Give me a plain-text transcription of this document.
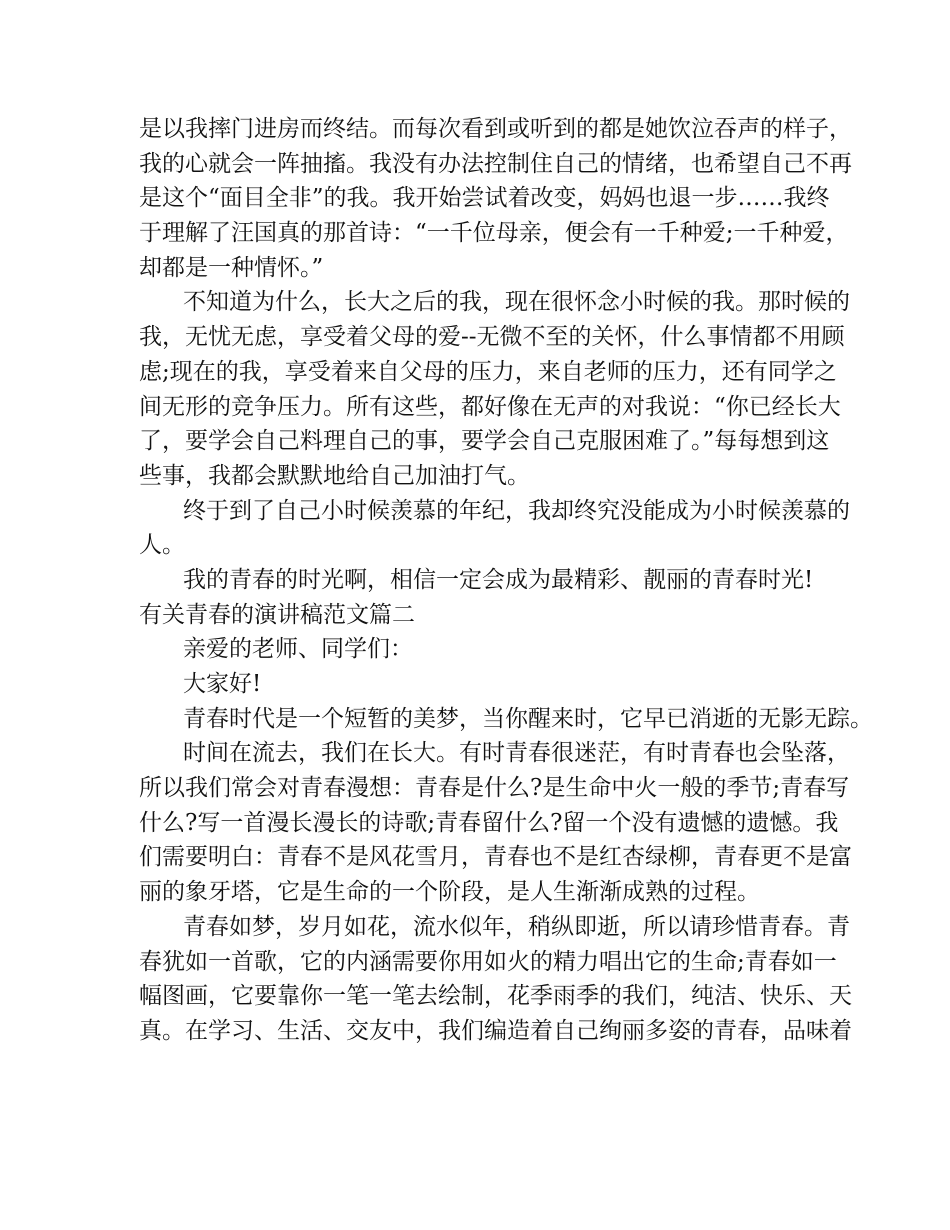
是以我摔门进房而终结。而每次看到或听到的都是她饮泣吞声的样子，
我的心就会一阵抽搐。我没有办法控制住自己的情绪，也希望自己不再
是这个“面目全非”的我。我开始尝试着改变，妈妈也退一步……我终
于理解了汪国真的那首诗：“一千位母亲，便会有一千种爱;一千种爱，
却都是一种情怀。”
不知道为什么，长大之后的我，现在很怀念小时候的我。那时候的
我，无忧无虑，享受着父母的爱--无微不至的关怀，什么事情都不用顾
虑;现在的我，享受着来自父母的压力，来自老师的压力，还有同学之
间无形的竞争压力。所有这些，都好像在无声的对我说：“你已经长大
了，要学会自己料理自己的事，要学会自己克服困难了。”每每想到这
些事，我都会默默地给自己加油打气。
终于到了自己小时候羡慕的年纪，我却终究没能成为小时候羡慕的
人。
我的青春的时光啊，相信一定会成为最精彩、靓丽的青春时光!
有关青春的演讲稿范文篇二
亲爱的老师、同学们：
大家好!
青春时代是一个短暂的美梦，当你醒来时，它早已消逝的无影无踪。
时间在流去，我们在长大。有时青春很迷茫，有时青春也会坠落，
所以我们常会对青春漫想：青春是什么?是生命中火一般的季节;青春写
什么?写一首漫长漫长的诗歌;青春留什么?留一个没有遗憾的遗憾。我
们需要明白：青春不是风花雪月，青春也不是红杏绿柳，青春更不是富
丽的象牙塔，它是生命的一个阶段，是人生渐渐成熟的过程。
青春如梦，岁月如花，流水似年，稍纵即逝，所以请珍惜青春。青
春犹如一首歌，它的内涵需要你用如火的精力唱出它的生命;青春如一
幅图画，它要靠你一笔一笔去绘制，花季雨季的我们，纯洁、快乐、天
真。在学习、生活、交友中，我们编造着自己绚丽多姿的青春，品味着
